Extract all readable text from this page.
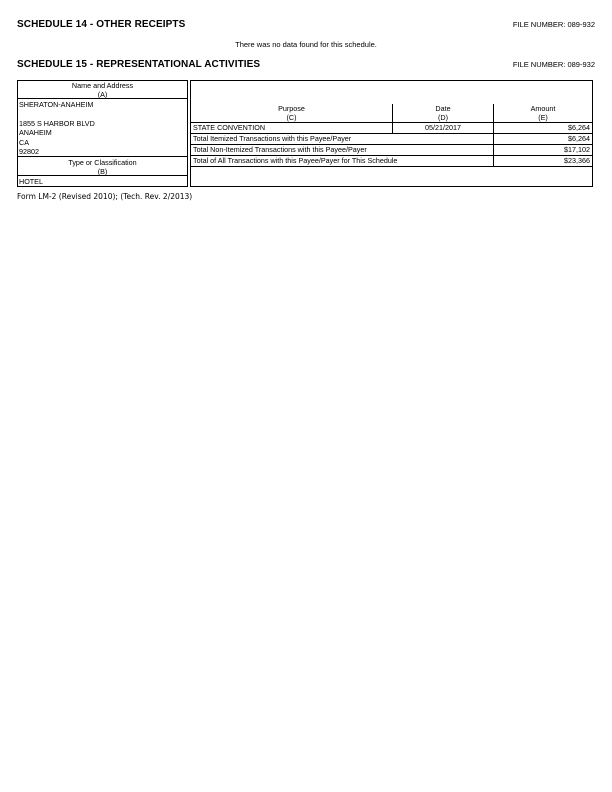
SCHEDULE 14 - OTHER RECEIPTS	FILE NUMBER: 089-932
There was no data found for this schedule.
SCHEDULE 15 - REPRESENTATIONAL ACTIVITIES	FILE NUMBER: 089-932
Name and Address
(A)
SHERATON-ANAHEIM

1855 S HARBOR BLVD
ANAHEIM
CA
92802
Type or Classification
(B)
HOTEL
Purpose
(C)
Date
(D)
Amount
(E)
STATE CONVENTION	05/21/2017	$6,264
Total Itemized Transactions with this Payee/Payer	$6,264
Total Non-Itemized Transactions with this Payee/Payer	$17,102
Total of All Transactions with this Payee/Payer for This Schedule	$23,366
Form LM-2 (Revised 2010); (Tech. Rev. 2/2013)
